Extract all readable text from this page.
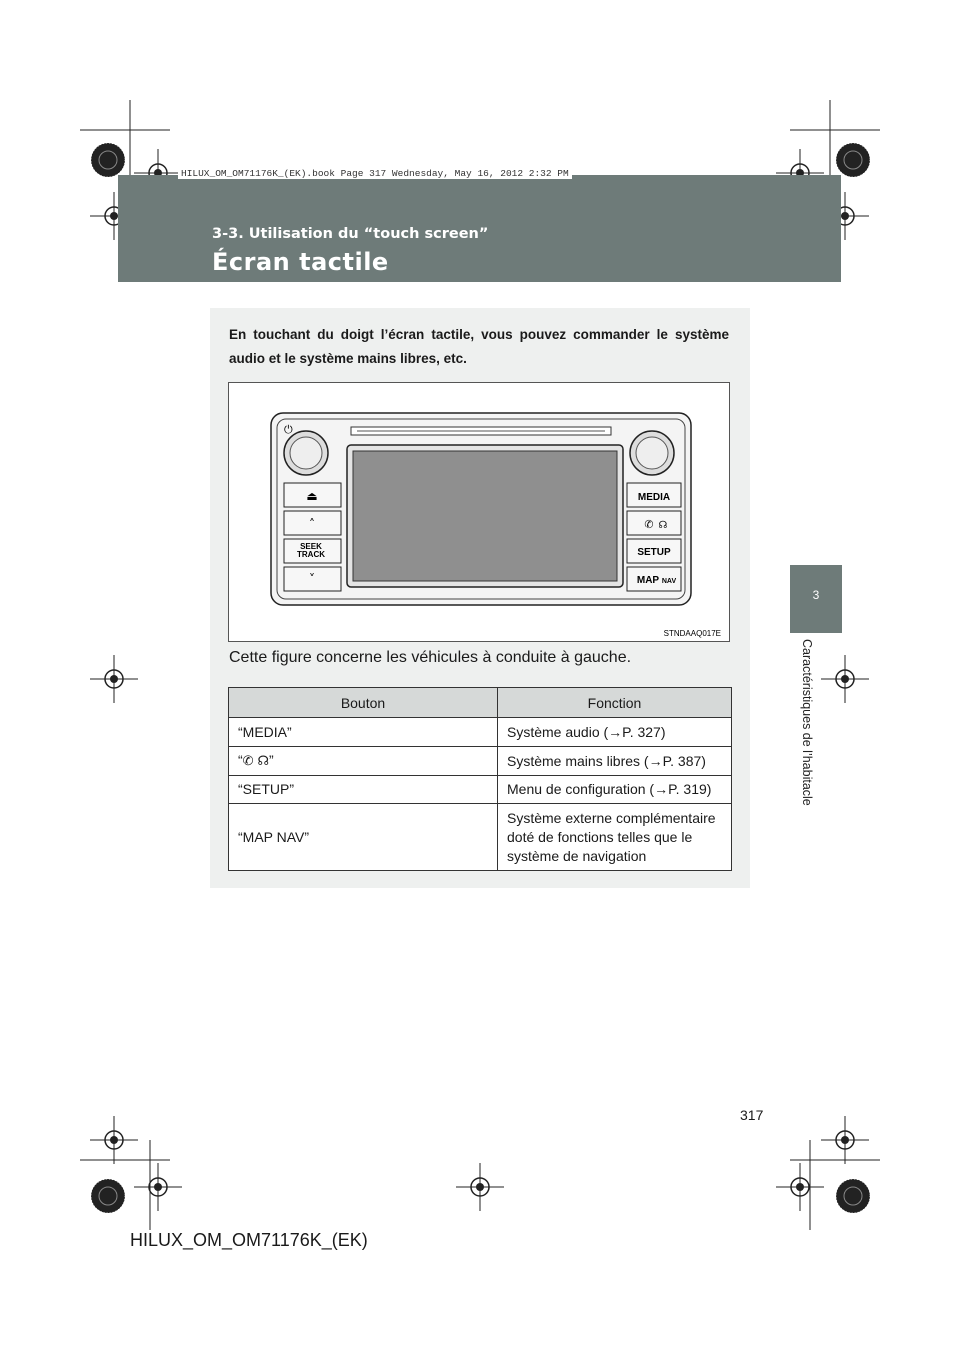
HILUX_OM_OM71176K_(EK).book Page 317 Wednesday, May 16, 2012 2:32 PM
3-3. Utilisation du “touch screen”
Écran tactile
3
Caractéristiques de l’habitacle
En touchant du doigt l’écran tactile, vous pouvez commander le système audio et le système mains libres, etc.
⏻
⏏
˄
SEEK
TRACK
˅
MEDIA
✆ ☊
SETUP
MAP NAV
STNDAAQ017E
Cette figure concerne les véhicules à conduite à gauche.
Bouton	Fonction
“MEDIA”	Système audio (→P. 327)
“✆ ☊”	Système mains libres (→P. 387)
“SETUP”	Menu de configuration (→P. 319)
“MAP NAV”	Système externe complémentaire doté de fonctions telles que le système de navigation
317
HILUX_OM_OM71176K_(EK)
